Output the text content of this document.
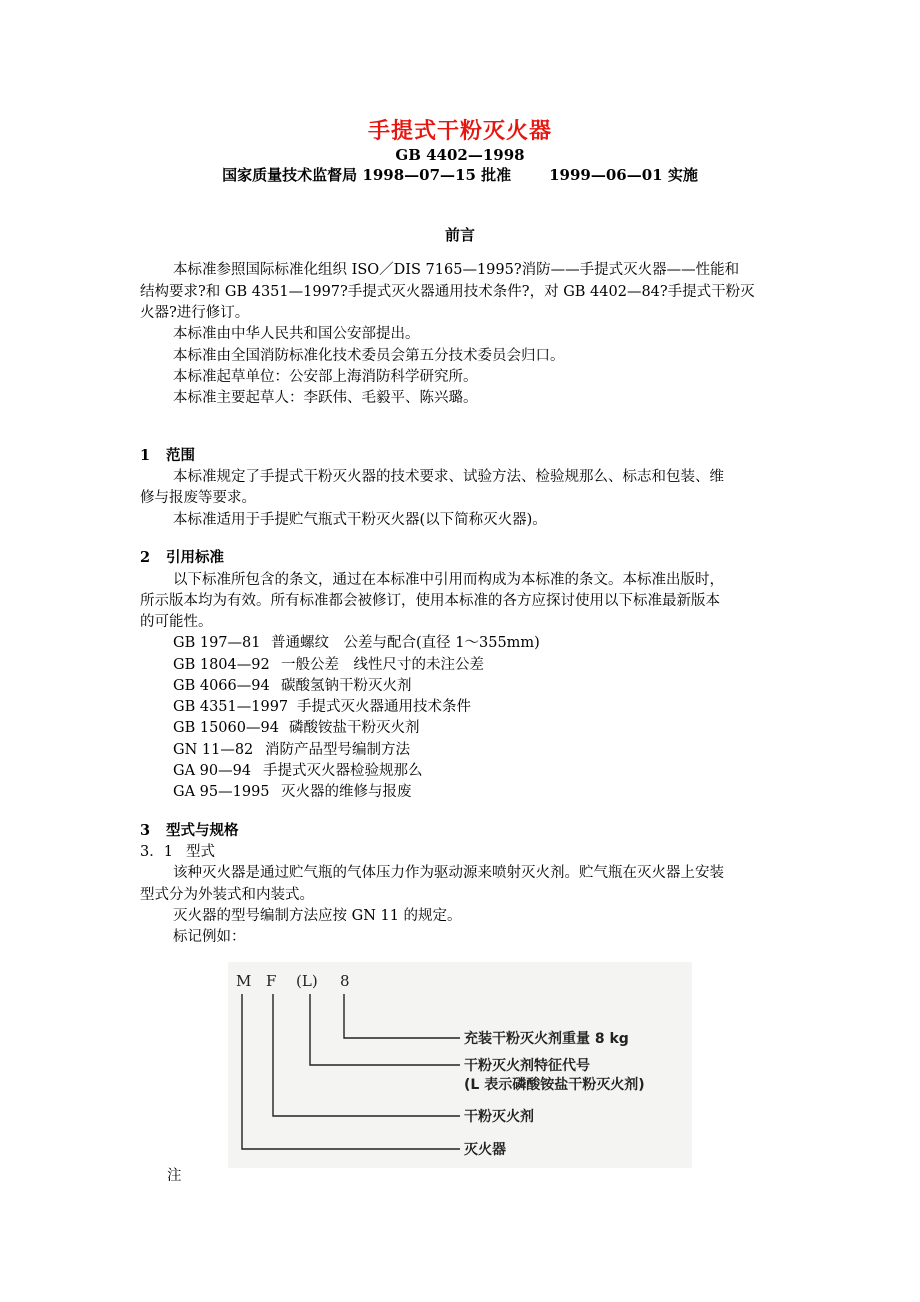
手提式干粉灭火器
GB 4402—1998
国家质量技术监督局 1998—07—15 批准	1999—06—01 实施
前言
本标准参照国际标准化组织 ISO／DIS 7165—1995?消防——手提式灭火器——性能和
结构要求?和 GB 4351—1997?手提式灭火器通用技术条件?，对 GB 4402—84?手提式干粉灭
火器?进行修订。
本标准由中华人民共和国公安部提出。
本标准由全国消防标准化技术委员会第五分技术委员会归口。
本标准起草单位：公安部上海消防科学研究所。
本标准主要起草人：李跃伟、毛毅平、陈兴璐。
1 范围
本标准规定了手提式干粉灭火器的技术要求、试验方法、检验规那么、标志和包装、维
修与报废等要求。
本标准适用于手提贮气瓶式干粉灭火器(以下简称灭火器)。
2 引用标准
以下标准所包含的条文，通过在本标准中引用而构成为本标准的条文。本标准出版时，
所示版本均为有效。所有标准都会被修订，使用本标准的各方应探讨使用以下标准最新版本
的可能性。
GB 197—81 普通螺纹　公差与配合(直径 1～355mm)
GB 1804—92 一般公差　线性尺寸的未注公差
GB 4066—94 碳酸氢钠干粉灭火剂
GB 4351—1997 手提式灭火器通用技术条件
GB 15060—94 磷酸铵盐干粉灭火剂
GN 11—82 消防产品型号编制方法
GA 90—94 手提式灭火器检验规那么
GA 95—1995 灭火器的维修与报废
3 型式与规格
3．1 型式
该种灭火器是通过贮气瓶的气体压力作为驱动源来喷射灭火剂。贮气瓶在灭火器上安装
型式分为外装式和内装式。
灭火器的型号编制方法应按 GN 11 的规定。
标记例如：
M F (L) 8
充装干粉灭火剂重量 8 kg
干粉灭火剂特征代号
(L 表示磷酸铵盐干粉灭火剂)
干粉灭火剂
灭火器
注
